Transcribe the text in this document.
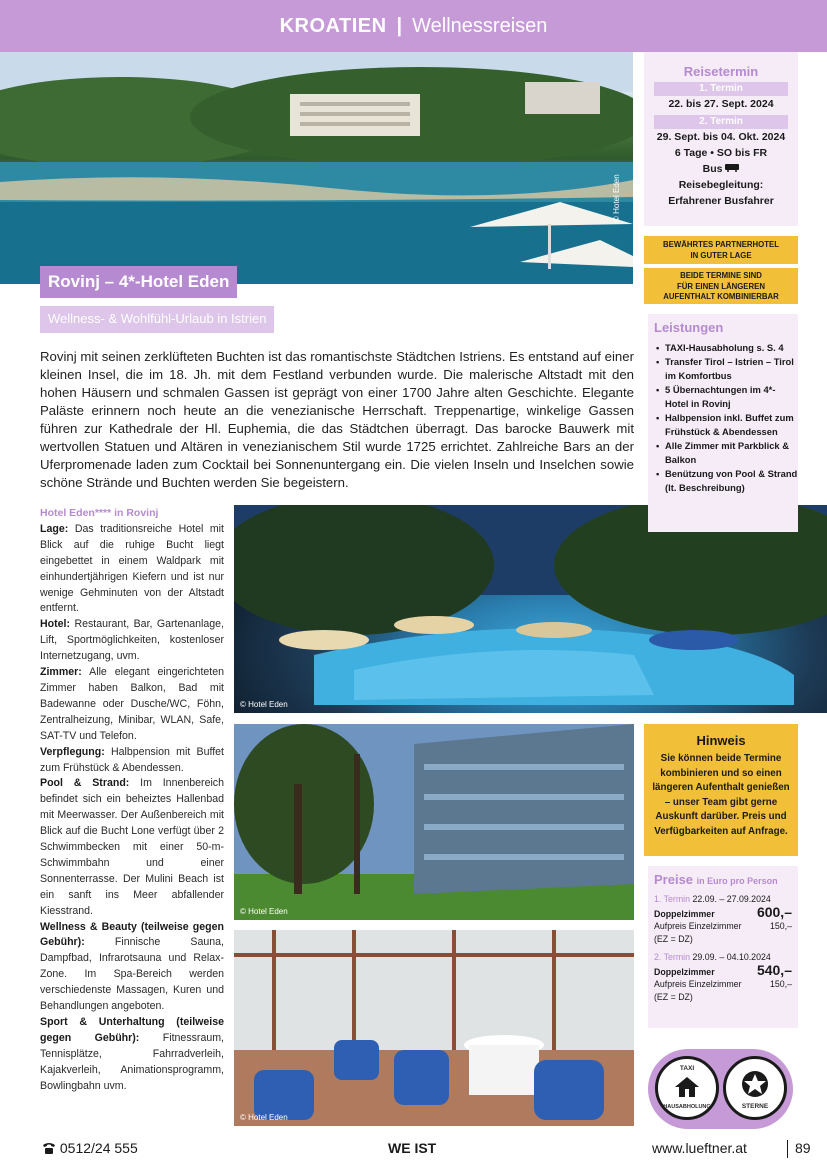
KROATIEN | Wellnessreisen
© Hotel Eden
Rovinj – 4*-Hotel Eden
Wellness- & Wohlfühl-Urlaub in Istrien
Rovinj mit seinen zerklüfteten Buchten ist das romantischste Städtchen Istriens. Es entstand auf einer kleinen Insel, die im 18. Jh. mit dem Festland verbunden wurde. Die malerische Altstadt mit den hohen Häusern und schmalen Gassen ist geprägt von einer 1700 Jahre alten Geschichte. Elegante Paläste erinnern noch heute an die venezianische Herrschaft. Treppenartige, winkelige Gassen führen zur Kathedrale der Hl. Euphemia, die das Städtchen überragt. Das barocke Bauwerk mit wertvollen Statuen und Altären in venezianischem Stil wurde 1725 errichtet. Zahlreiche Bars an der Uferpromenade laden zum Cocktail bei Sonnenuntergang ein. Die vielen Inseln und Inselchen sowie schöne Strände und Buchten werden Sie begeistern.

Hotel Eden**** in Rovinj

Lage: Das traditionsreiche Hotel mit Blick auf die ruhige Bucht liegt eingebettet in einem Waldpark mit einhundertjährigen Kiefern und ist nur wenige Gehminuten von der Altstadt entfernt.

Hotel: Restaurant, Bar, Gartenanlage, Lift, Sportmöglichkeiten, kostenloser Internetzugang, uvm.

Zimmer: Alle elegant eingerichteten Zimmer haben Balkon, Bad mit Badewanne oder Dusche/WC, Föhn, Zentralheizung, Minibar, WLAN, Safe, SAT-TV und Telefon.

Verpflegung: Halbpension mit Buffet zum Frühstück & Abendessen.

Pool & Strand: Im Innenbereich befindet sich ein beheiztes Hallenbad mit Meerwasser. Der Außenbereich mit Blick auf die Bucht Lone verfügt über 2 Schwimmbecken mit einer 50-m-Schwimmbahn und einer Sonnenterrasse. Der Mulini Beach ist ein sanft ins Meer abfallender Kiesstrand.

Wellness & Beauty (teilweise gegen Gebühr):	Finnische Sauna, Dampfbad, Infrarotsauna und Relax-Zone. Im Spa-Bereich werden verschiedenste Massagen, Kuren und Behandlungen angeboten.

Sport & Unterhaltung (teilweise gegen Gebühr): Fitnessraum, Tennisplätze, Fahrradverleih, Kajakverleih, Animationsprogramm, Bowlingbahn uvm.

© Hotel Eden
© Hotel Eden
© Hotel Eden
Reisetermin
1. Termin
22. bis 27. Sept. 2024
2. Termin
29. Sept. bis 04. Okt. 2024
6 Tage • SO bis FR
Bus
Reisebegleitung:
Erfahrener Busfahrer
BEWÄHRTES PARTNERHOTEL
IN GUTER LAGE
BEIDE TERMINE SIND
FÜR EINEN LÄNGEREN
AUFENTHALT KOMBINIERBAR
Leistungen
• TAXI-Hausabholung s. S. 4
• Transfer Tirol – Istrien – Tirol im Komfortbus
• 5 Übernachtungen im 4*-Hotel in Rovinj
• Halbpension inkl. Buffet zum Frühstück & Abendessen
• Alle Zimmer mit Parkblick & Balkon
• Benützung von Pool & Strand (lt. Beschreibung)
Hinweis
Sie können beide Termine kombinieren und so einen längeren Aufenthalt genießen – unser Team gibt gerne Auskunft darüber. Preis und Verfügbarkeiten auf Anfrage.
Preise in Euro pro Person
1. Termin 22.09. – 27.09.2024
Doppelzimmer	600,–
Aufpreis Einzelzimmer	150,–
(EZ = DZ)
2. Termin 29.09. – 04.10.2024
Doppelzimmer	540,–
Aufpreis Einzelzimmer	150,–
(EZ = DZ)
TAXI
HAUSABHOLUNG	STERNE
0512/24 555	WE IST	www.lueftner.at	89
